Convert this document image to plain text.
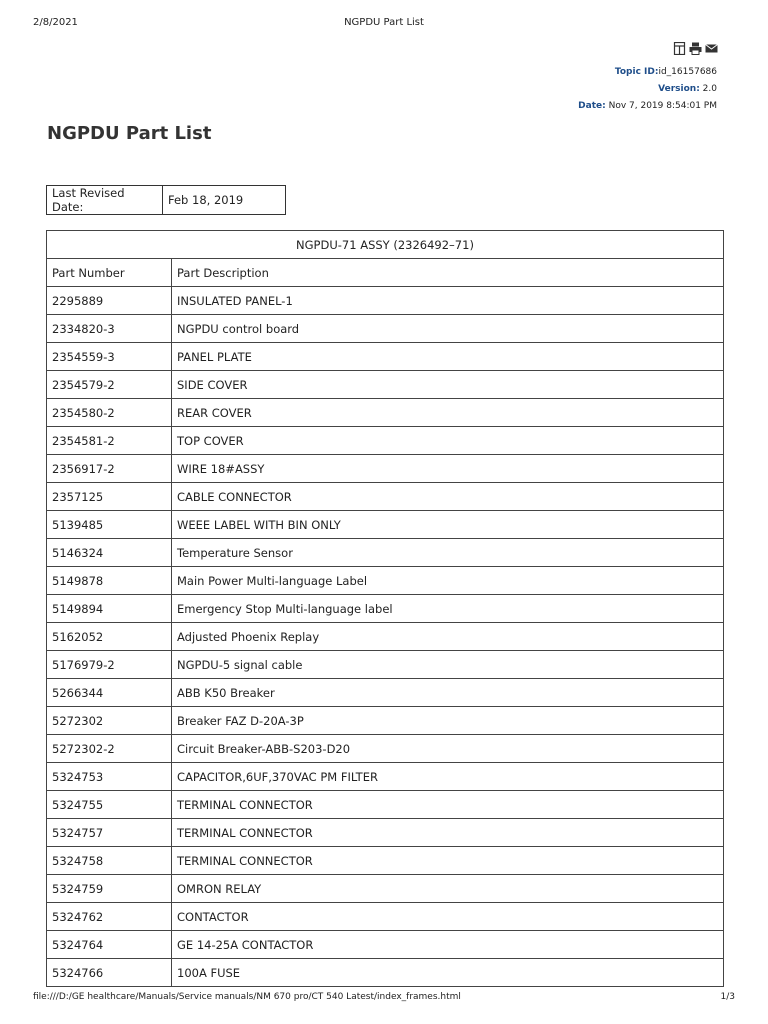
2/8/2021	NGPDU Part List
Topic ID:id_16157686
Version: 2.0
Date: Nov 7, 2019 8:54:01 PM
NGPDU Part List
Last Revised Date:	Feb 18, 2019
NGPDU-71 ASSY (2326492–71)	
Part Number	Part Description
2295889	INSULATED PANEL-1
2334820-3	NGPDU control board
2354559-3	PANEL PLATE
2354579-2	SIDE COVER
2354580-2	REAR COVER
2354581-2	TOP COVER
2356917-2	WIRE 18#ASSY
2357125	CABLE CONNECTOR
5139485	WEEE LABEL WITH BIN ONLY
5146324	Temperature Sensor
5149878	Main Power Multi-language Label
5149894	Emergency Stop Multi-language label
5162052	Adjusted Phoenix Replay
5176979-2	NGPDU-5 signal cable
5266344	ABB K50 Breaker
5272302	Breaker FAZ D-20A-3P
5272302-2	Circuit Breaker-ABB-S203-D20
5324753	CAPACITOR,6UF,370VAC PM FILTER
5324755	TERMINAL CONNECTOR
5324757	TERMINAL CONNECTOR
5324758	TERMINAL CONNECTOR
5324759	OMRON RELAY
5324762	CONTACTOR
5324764	GE 14-25A CONTACTOR
5324766	100A FUSE
file:///D:/GE healthcare/Manuals/Service manuals/NM 670 pro/CT 540 Latest/index_frames.html	1/3
